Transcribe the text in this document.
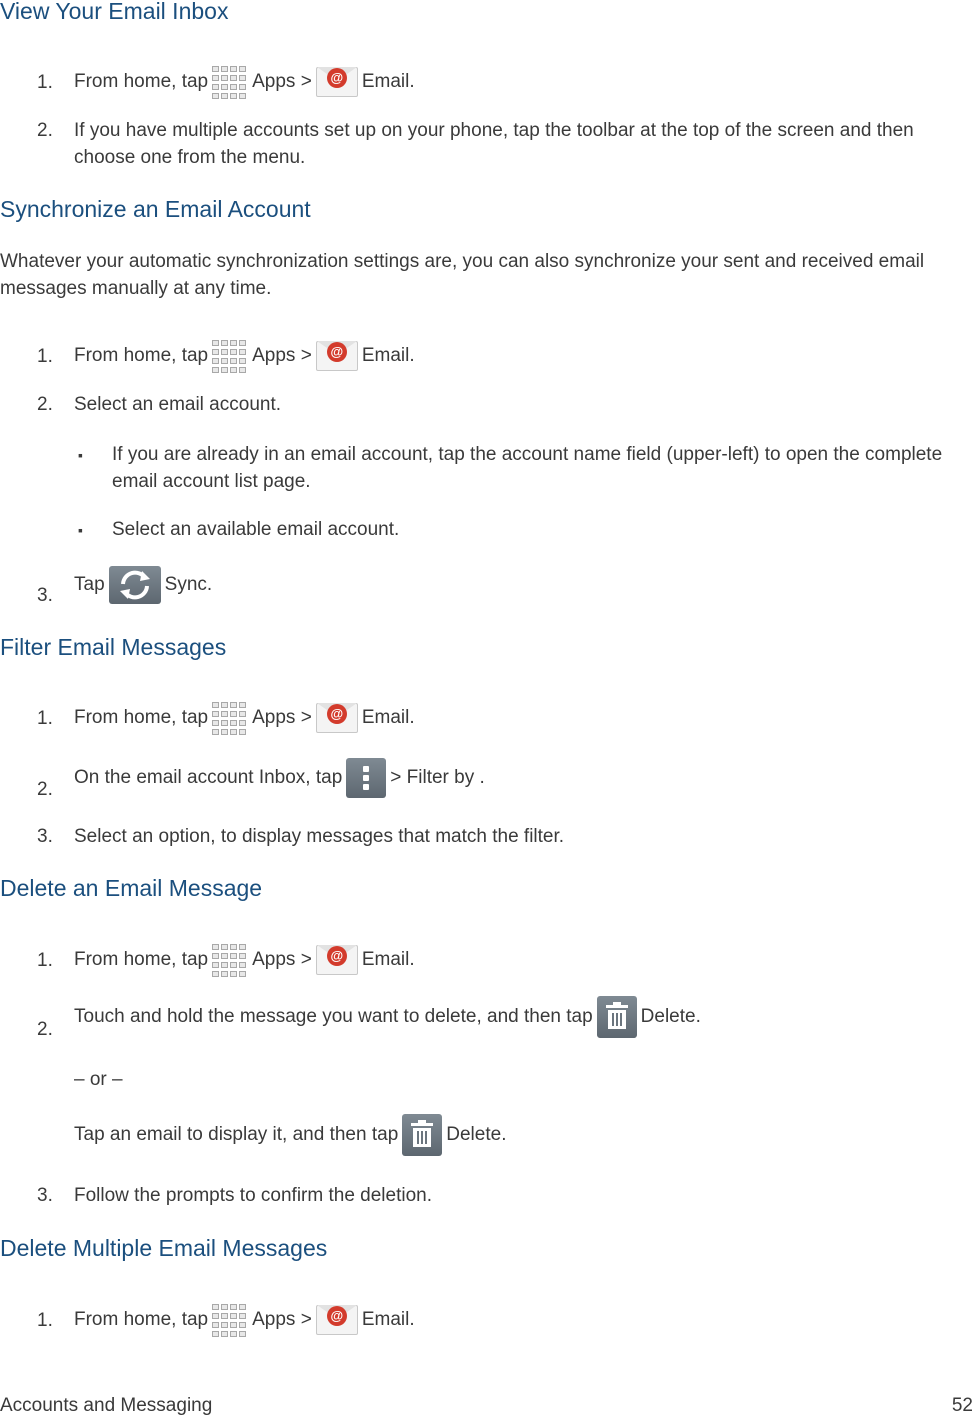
View Your Email Inbox
1. From home, tap Apps
> @ Email .
2. If you have multiple accounts set up on your phone, tap the toolbar at the top of the screen and then choose one from the menu.
Synchronize an Email Account
Whatever your automatic synchronization settings are, you can also synchronize your sent and received email messages manually at any time.
1. From home, tap Apps
> @ Email.
2. Select an email account.
▪ If you are already in an email account, tap the account name field (upper-left) to open the complete email account list page.
▪ Select an available email account.
3.
Tap	Sync .
Filter Email Messages
1. From home, tap Apps
> @ Email .
2.
On the email account Inbox, tap	> Filter by
.
3. Select an option, to display messages that match the filter.
Delete an Email Message
1. From home, tap Apps
> @ Email .
2.
Touch and hold the message you want to delete, and then tap	Delete.
– or –
Tap an email to display it, and then tap	Delete.
3. Follow the prompts to confirm the deletion.
Delete Multiple Email Messages
1. From home, tap Apps
> @ Email .
Accounts and Messaging	52
